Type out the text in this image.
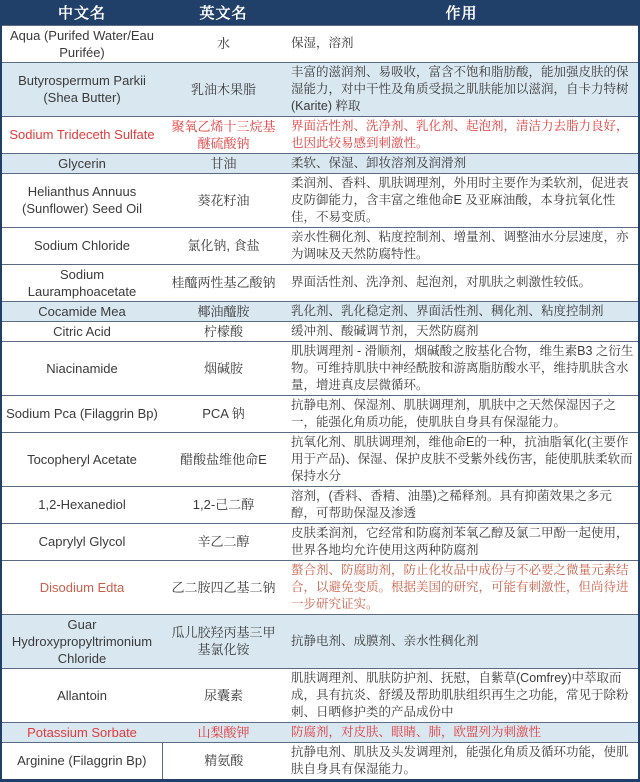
中文名	英文名	作用
Aqua (Purifed Water/Eau Purifée)	水	保湿，溶剂
Butyrospermum Parkii (Shea Butter)	乳油木果脂	丰富的滋润剂、易吸收，富含不饱和脂肪酸，能加强皮肤的保湿能力，对中干性及角质受损之肌肤能加以滋润，自卡力特树(Karite) 粹取
Sodium Trideceth Sulfate	聚氧乙烯十三烷基醚硫酸钠	界面活性剂、洗净剂、乳化剂、起泡剂，清洁力去脂力良好，也因此较易感到刺激性。
Glycerin	甘油	柔软、保湿、卸妆溶剂及润滑剂
Helianthus Annuus (Sunflower) Seed Oil	葵花籽油	柔润剂、香料、肌肤调理剂，外用时主要作为柔软剂，促进表皮防御能力，含丰富之维他命E 及亚麻油酸，本身抗氧化性佳，不易变质。
Sodium Chloride	氯化钠, 食盐	亲水性稠化剂、粘度控制剂、增量剂、调整油水分层速度，亦为调味及天然防腐特性。
Sodium Lauramphoacetate	桂醯两性基乙酸钠	界面活性剂、洗净剂、起泡剂，对肌肤之刺激性较低。
Cocamide Mea	椰油醯胺	乳化剂、乳化稳定剂、界面活性剂、稠化剂、粘度控制剂
Citric Acid	柠檬酸	缓冲剂、酸碱调节剂，天然防腐剂
Niacinamide	烟碱胺	肌肤调理剂 - 滑顺剂，烟碱酸之胺基化合物，维生素B3 之衍生物。可维持肌肤中神经酰胺和游离脂肪酸水平，维持肌肤含水量，增进真皮层微循环。
Sodium Pca (Filaggrin Bp)	PCA 钠	抗静电剂、保湿剂、肌肤调理剂，肌肤中之天然保湿因子之一，能强化角质功能，使肌肤自身具有保湿能力。
Tocopheryl Acetate	醋酸盐维他命E	抗氧化剂、肌肤调理剂，维他命E的一种，抗油脂氧化(主要作用于产品)、保湿、保护皮肤不受紫外线伤害，能使肌肤柔软而保持水分
1,2-Hexanediol	1,2-己二醇	溶剂，(香料、香精、油墨)之稀释剂。具有抑菌效果之多元醇，可帮助保湿及渗透
Caprylyl Glycol	辛乙二醇	皮肤柔润剂，它经常和防腐剂苯氧乙醇及氯二甲酚一起使用，世界各地均允许使用这两种防腐剂
Disodium Edta	乙二胺四乙基二钠	螯合剂、防腐助剂，防止化妆品中成份与不必要之微量元素结合，以避免变质。根据美国的研究，可能有刺激性，但尚待进一步研究证实。
Guar Hydroxypropyltrimonium Chloride	瓜儿胶羟丙基三甲基氯化铵	抗静电剂、成膜剂、亲水性稠化剂
Allantoin	尿囊素	肌肤调理剂、肌肤防护剂、抚慰，自紫草(Comfrey)中萃取而成，具有抗炎、舒缓及帮助肌肤组织再生之功能，常见于除粉刺、日晒修护类的产品成份中
Potassium Sorbate	山梨酸钾	防腐剂，对皮肤、眼睛、肺，欧盟列为刺激性
Arginine (Filaggrin Bp)	精氨酸	抗静电剂、肌肤及头发调理剂，能强化角质及循环功能，使肌肤自身具有保湿能力。
